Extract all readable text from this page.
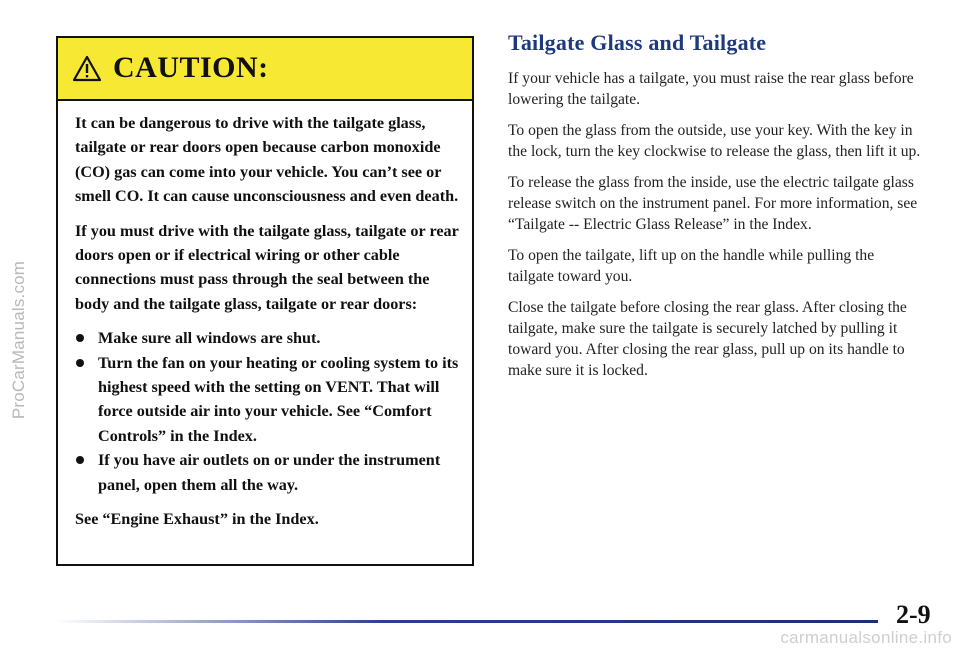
ProCarManuals.com
CAUTION:

It can be dangerous to drive with the tailgate glass, tailgate or rear doors open because carbon monoxide (CO) gas can come into your vehicle. You can’t see or smell CO. It can cause unconsciousness and even death.

If you must drive with the tailgate glass, tailgate or rear doors open or if electrical wiring or other cable connections must pass through the seal between the body and the tailgate glass, tailgate or rear doors:

Make sure all windows are shut.
Turn the fan on your heating or cooling system to its highest speed with the setting on VENT. That will force outside air into your vehicle. See “Comfort Controls” in the Index.
If you have air outlets on or under the instrument panel, open them all the way.

See “Engine Exhaust” in the Index.

Tailgate Glass and Tailgate

If your vehicle has a tailgate, you must raise the rear glass before lowering the tailgate.

To open the glass from the outside, use your key. With the key in the lock, turn the key clockwise to release the glass, then lift it up.

To release the glass from the inside, use the electric tailgate glass release switch on the instrument panel. For more information, see “Tailgate -- Electric Glass Release” in the Index.

To open the tailgate, lift up on the handle while pulling the tailgate toward you.

Close the tailgate before closing the rear glass. After closing the tailgate, make sure the tailgate is securely latched by pulling it toward you. After closing the rear glass, pull up on its handle to make sure it is locked.

2-9
carmanualsonline.info
